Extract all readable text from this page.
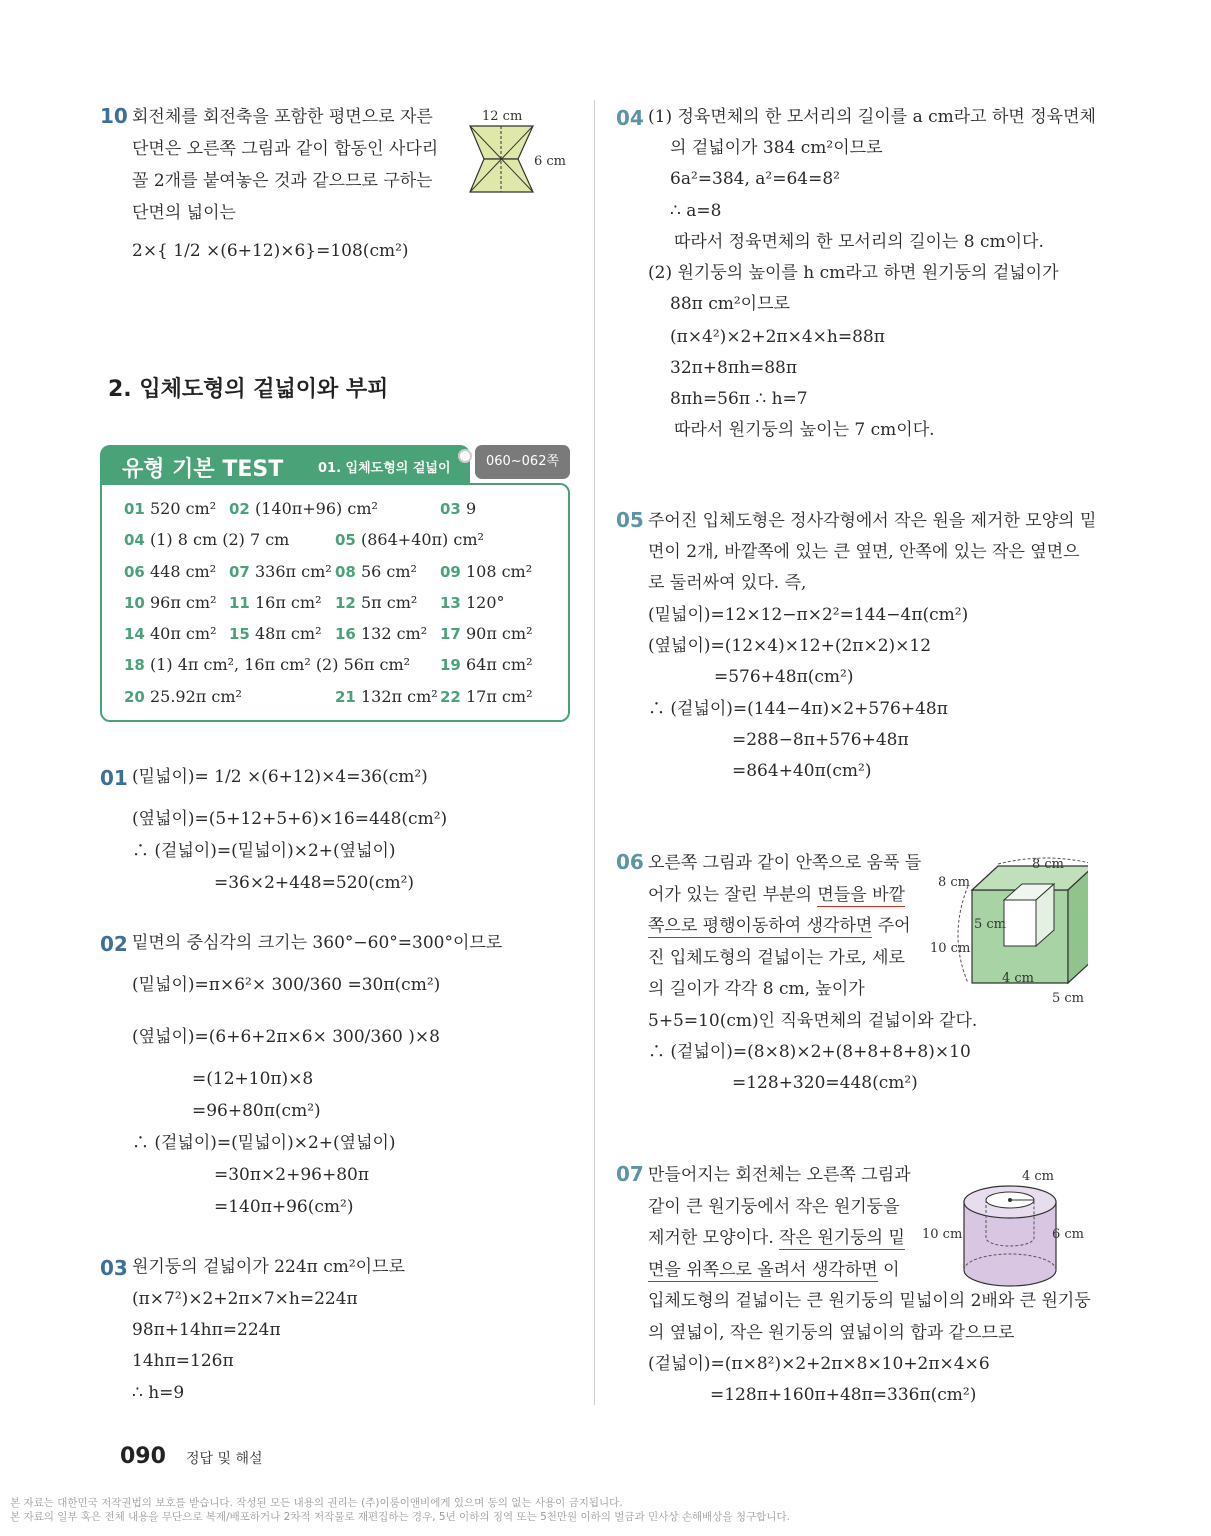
10 회전체를 회전축을 포함한 평면으로 자른
단면은 오른쪽 그림과 같이 합동인 사다리
꼴 2개를 붙여놓은 것과 같으므로 구하는
단면의 넓이는
2×{ 1/2 ×(6+12)×6}=108(cm²)
12 cm
6 cm
2. 입체도형의 겉넓이와 부피
유형 기본 TEST	01. 입체도형의 겉넓이	060~062쪽
01 520 cm² 02 (140π+96) cm²	03 9
04 (1) 8 cm (2) 7 cm	05 (864+40π) cm²
06 448 cm² 07 336π cm² 08 56 cm² 09 108 cm²
10 96π cm² 11 16π cm² 12 5π cm² 13 120°
14 40π cm² 15 48π cm² 16 132 cm² 17 90π cm²
18 (1) 4π cm², 16π cm² (2) 56π cm² 19 64π cm²
20 25.92π cm²	21 132π cm² 22 17π cm²
01 (밑넓이)= 1/2 ×(6+12)×4=36(cm²)
(옆넓이)=(5+12+5+6)×16=448(cm²)
∴ (겉넓이)=(밑넓이)×2+(옆넓이)
=36×2+448=520(cm²)
02 밑면의 중심각의 크기는 360°−60°=300°이므로
(밑넓이)=π×6²× 300/360 =30π(cm²)
(옆넓이)=(6+6+2π×6× 300/360 )×8
=(12+10π)×8
=96+80π(cm²)
∴ (겉넓이)=(밑넓이)×2+(옆넓이)
=30π×2+96+80π
=140π+96(cm²)
03 원기둥의 겉넓이가 224π cm²이므로
(π×7²)×2+2π×7×h=224π
98π+14hπ=224π
14hπ=126π
∴ h=9
04 (1) 정육면체의 한 모서리의 길이를 a cm라고 하면 정육면체
의 겉넓이가 384 cm²이므로
6a²=384, a²=64=8²
∴ a=8
따라서 정육면체의 한 모서리의 길이는 8 cm이다.
(2) 원기둥의 높이를 h cm라고 하면 원기둥의 겉넓이가
88π cm²이므로
(π×4²)×2+2π×4×h=88π
32π+8πh=88π
8πh=56π ∴ h=7
따라서 원기둥의 높이는 7 cm이다.
05 주어진 입체도형은 정사각형에서 작은 원을 제거한 모양의 밑
면이 2개, 바깥쪽에 있는 큰 옆면, 안쪽에 있는 작은 옆면으
로 둘러싸여 있다. 즉,
(밑넓이)=12×12−π×2²=144−4π(cm²)
(옆넓이)=(12×4)×12+(2π×2)×12
=576+48π(cm²)
∴ (겉넓이)=(144−4π)×2+576+48π
=288−8π+576+48π
=864+40π(cm²)
06 오른쪽 그림과 같이 안쪽으로 움푹 들
어가 있는 잘린 부분의 면들을 바깥
쪽으로 평행이동하여 생각하면 주어
진 입체도형의 겉넓이는 가로, 세로
의 길이가 각각 8 cm, 높이가
5+5=10(cm)인 직육면체의 겉넓이와 같다.
∴ (겉넓이)=(8×8)×2+(8+8+8+8)×10
=128+320=448(cm²)
8 cm
8 cm
5 cm
10 cm
4 cm
5 cm
07 만들어지는 회전체는 오른쪽 그림과
같이 큰 원기둥에서 작은 원기둥을
제거한 모양이다. 작은 원기둥의 밑
면을 위쪽으로 올려서 생각하면 이
입체도형의 겉넓이는 큰 원기둥의 밑넓이의 2배와 큰 원기둥
의 옆넓이, 작은 원기둥의 옆넓이의 합과 같으므로
(겉넓이)=(π×8²)×2+2π×8×10+2π×4×6
=128π+160π+48π=336π(cm²)
4 cm
10 cm	6 cm
090 정답 및 해설
본 자료는 대한민국 저작권법의 보호를 받습니다. 작성된 모든 내용의 권리는 (주)이룸이앤비에게 있으며 동의 없는 사용이 금지됩니다.
본 자료의 일부 혹은 전체 내용을 무단으로 복제/배포하거나 2차적 저작물로 재편집하는 경우, 5년 이하의 징역 또는 5천만원 이하의 벌금과 민사상 손해배상을 청구합니다.
